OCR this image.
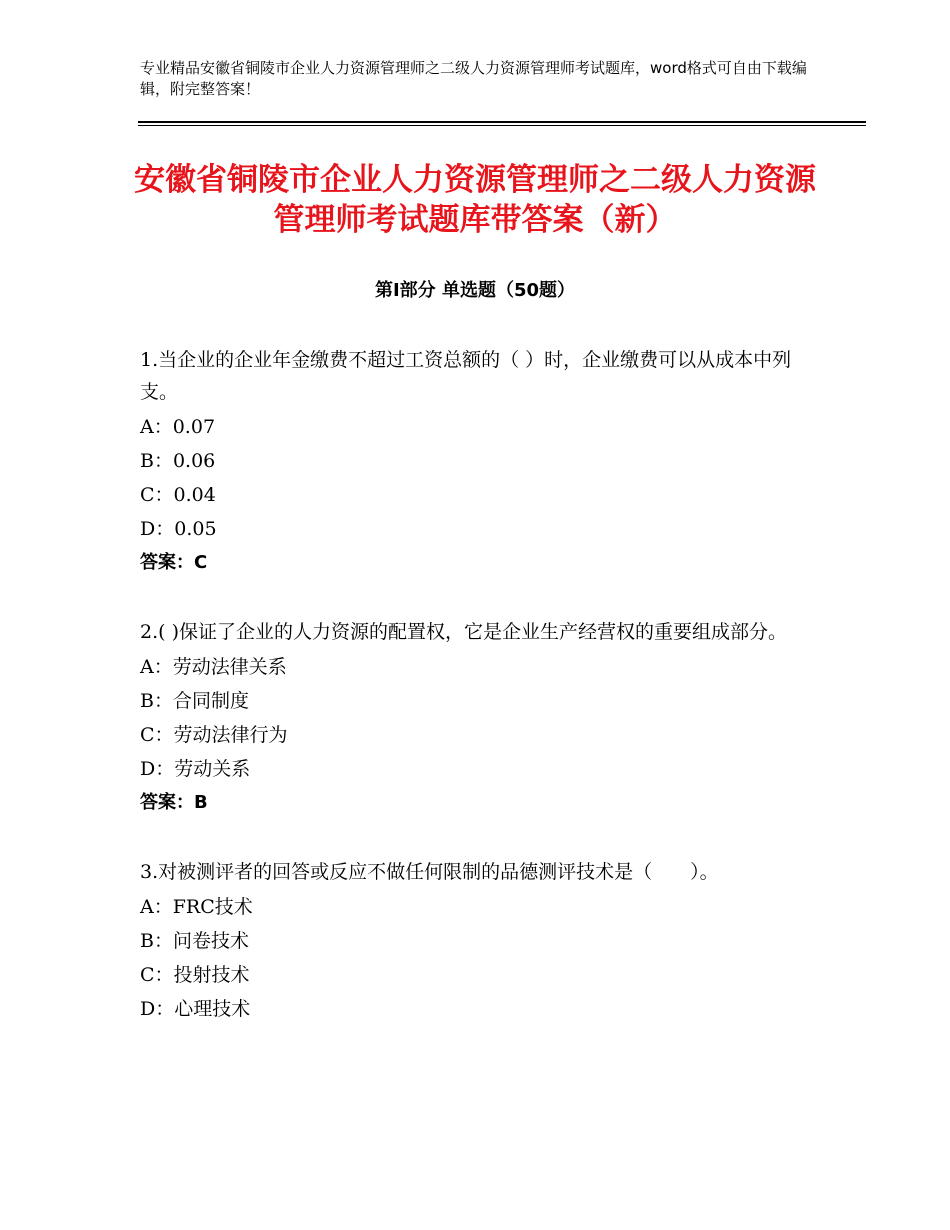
专业精品安徽省铜陵市企业人力资源管理师之二级人力资源管理师考试题库，word格式可自由下载编辑，附完整答案！
安徽省铜陵市企业人力资源管理师之二级人力资源管理师考试题库带答案（新）
第Ⅰ部分 单选题（50题）
1.当企业的企业年金缴费不超过工资总额的（ ）时，企业缴费可以从成本中列支。
A：0.07
B：0.06
C：0.04
D：0.05
答案：C
2.( )保证了企业的人力资源的配置权，它是企业生产经营权的重要组成部分。
A：劳动法律关系
B：合同制度
C：劳动法律行为
D：劳动关系
答案：B
3.对被测评者的回答或反应不做任何限制的品德测评技术是（　　）。
A：FRC技术
B：问卷技术
C：投射技术
D：心理技术
